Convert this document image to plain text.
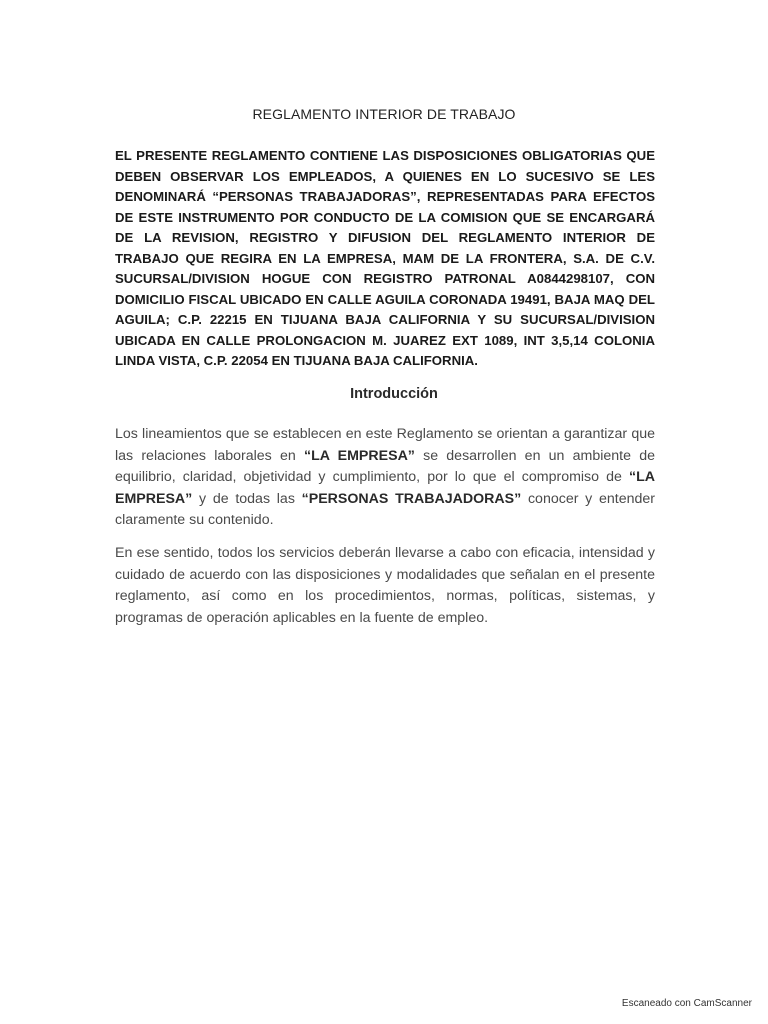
REGLAMENTO INTERIOR DE TRABAJO
EL PRESENTE REGLAMENTO CONTIENE LAS DISPOSICIONES OBLIGATORIAS QUE DEBEN OBSERVAR LOS EMPLEADOS, A QUIENES EN LO SUCESIVO SE LES DENOMINARÁ “PERSONAS TRABAJADORAS”, REPRESENTADAS PARA EFECTOS DE ESTE INSTRUMENTO POR CONDUCTO DE LA COMISION QUE SE ENCARGARÁ DE LA REVISION, REGISTRO Y DIFUSION DEL REGLAMENTO INTERIOR DE TRABAJO QUE REGIRA EN LA EMPRESA, MAM DE LA FRONTERA, S.A. DE C.V. SUCURSAL/DIVISION HOGUE CON REGISTRO PATRONAL A0844298107, CON DOMICILIO FISCAL UBICADO EN CALLE AGUILA CORONADA 19491, BAJA MAQ DEL AGUILA; C.P. 22215 EN TIJUANA BAJA CALIFORNIA Y SU SUCURSAL/DIVISION UBICADA EN CALLE PROLONGACION M. JUAREZ EXT 1089, INT 3,5,14 COLONIA LINDA VISTA, C.P. 22054 EN TIJUANA BAJA CALIFORNIA.
Introducción
Los lineamientos que se establecen en este Reglamento se orientan a garantizar que las relaciones laborales en “LA EMPRESA” se desarrollen en un ambiente de equilibrio, claridad, objetividad y cumplimiento, por lo que el compromiso de “LA EMPRESA” y de todas las “PERSONAS TRABAJADORAS” conocer y entender claramente su contenido.
En ese sentido, todos los servicios deberán llevarse a cabo con eficacia, intensidad y cuidado de acuerdo con las disposiciones y modalidades que señalan en el presente reglamento, así como en los procedimientos, normas, políticas, sistemas, y programas de operación aplicables en la fuente de empleo.
Escaneado con CamScanner
